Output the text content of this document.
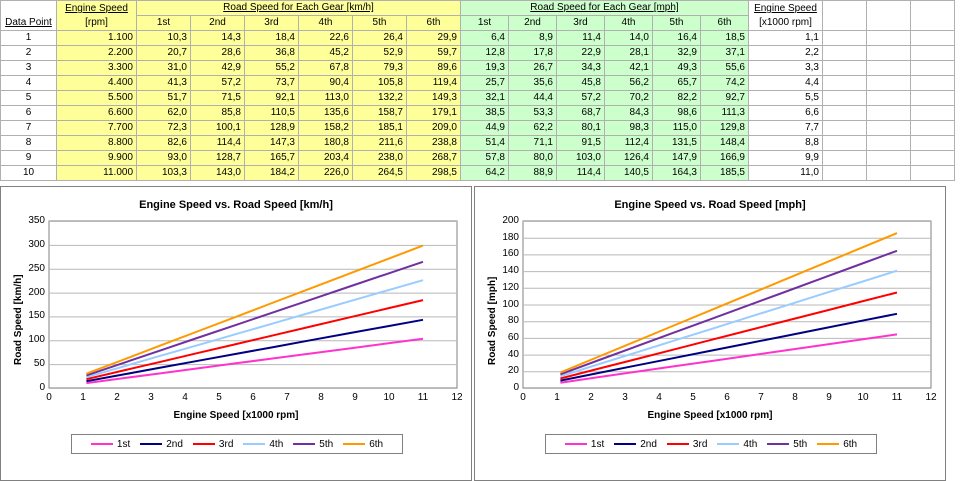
Data Point	
Engine Speed
[rpm]
	Road Speed for Each Gear [km/h]	Road Speed for Each Gear [mph]	Engine Speed
[x1000 rpm]

		1st	2nd	3rd	4th	5th	6th	1st	2nd	3rd	4th	5th	6th				
1	1.100	10,3	14,3	18,4	22,6	26,4	29,9	6,4	8,9	11,4	14,0	16,4	18,5	1,1			
2	2.200	20,7	28,6	36,8	45,2	52,9	59,7	12,8	17,8	22,9	28,1	32,9	37,1	2,2			
3	3.300	31,0	42,9	55,2	67,8	79,3	89,6	19,3	26,7	34,3	42,1	49,3	55,6	3,3			
4	4.400	41,3	57,2	73,7	90,4	105,8	119,4	25,7	35,6	45,8	56,2	65,7	74,2	4,4			
5	5.500	51,7	71,5	92,1	113,0	132,2	149,3	32,1	44,4	57,2	70,2	82,2	92,7	5,5			
6	6.600	62,0	85,8	110,5	135,6	158,7	179,1	38,5	53,3	68,7	84,3	98,6	111,3	6,6			
7	7.700	72,3	100,1	128,9	158,2	185,1	209,0	44,9	62,2	80,1	98,3	115,0	129,8	7,7			
8	8.800	82,6	114,4	147,3	180,8	211,6	238,8	51,4	71,1	91,5	112,4	131,5	148,4	8,8			
9	9.900	93,0	128,7	165,7	203,4	238,0	268,7	57,8	80,0	103,0	126,4	147,9	166,9	9,9			
10	11.000	103,3	143,0	184,2	226,0	264,5	298,5	64,2	88,9	114,4	140,5	164,3	185,5	11,0			
Engine Speed vs. Road Speed [km/h]
0
50
100
150
200
250
300
350
0	1	2	3	4	5	6	7	8	9	10	11	12
Road Speed [km/h]
Engine Speed [x1000 rpm]
1st	2nd	3rd	4th	5th	6th
Engine Speed vs. Road Speed [mph]
0
20
40
60
80
100
120
140
160
180
200
0	1	2	3	4	5	6	7	8	9	10	11	12
Road Speed [mph]
Engine Speed [x1000 rpm]
1st	2nd	3rd	4th	5th	6th
